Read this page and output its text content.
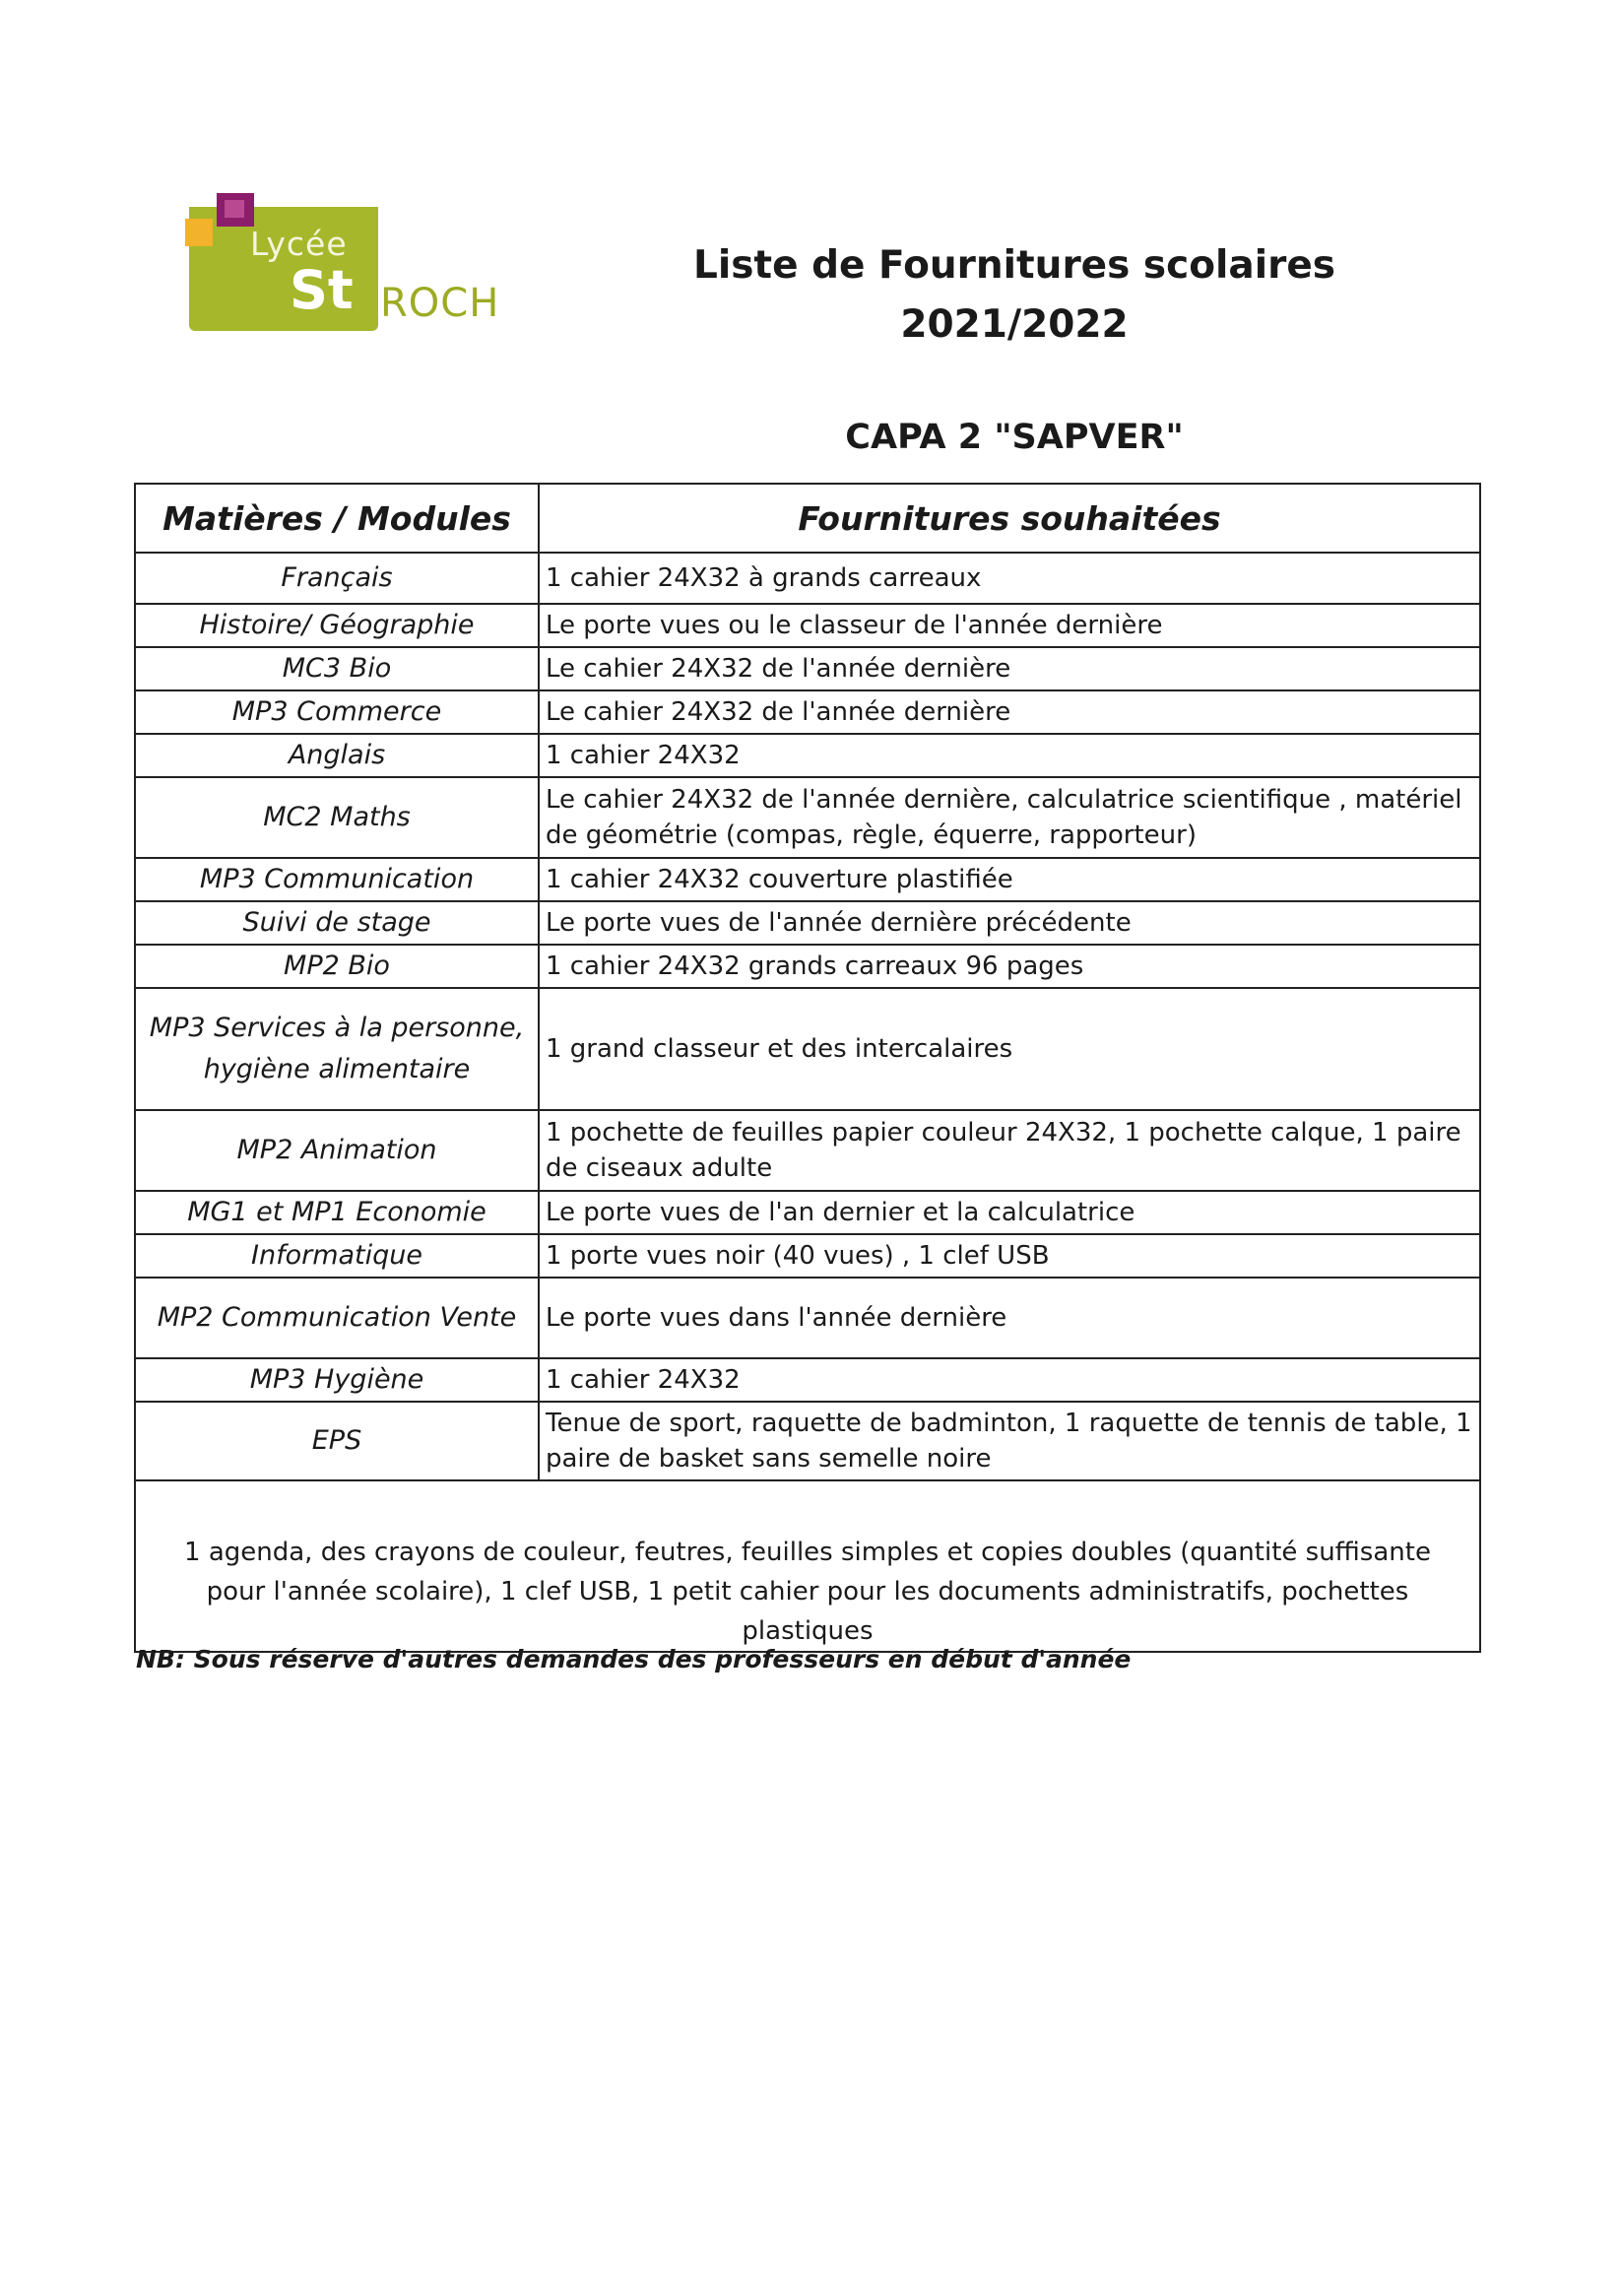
Lycée
St ROCH
Liste de Fournitures scolaires
2021/2022
CAPA 2 "SAPVER"
Matières / Modules	Fournitures souhaitées
Français	1 cahier 24X32 à grands carreaux
Histoire/ Géographie	Le porte vues ou le classeur de l'année dernière
MC3 Bio	Le cahier 24X32 de l'année dernière
MP3 Commerce	Le cahier 24X32 de l'année dernière
Anglais	1 cahier 24X32
MC2 Maths	Le cahier 24X32 de l'année dernière, calculatrice scientifique , matériel de géométrie (compas, règle, équerre, rapporteur)
MP3 Communication	1 cahier 24X32 couverture plastifiée
Suivi de stage	Le porte vues de l'année dernière précédente
MP2 Bio	1 cahier 24X32 grands carreaux 96 pages
MP3 Services à la personne, hygiène alimentaire	1 grand classeur et des intercalaires
MP2 Animation	1 pochette de feuilles papier couleur 24X32, 1 pochette calque, 1 paire de ciseaux adulte
MG1 et MP1 Economie	Le porte vues de l'an dernier et la calculatrice
Informatique	1 porte vues noir (40 vues) , 1 clef USB
MP2 Communication Vente	Le porte vues dans l'année dernière
MP3 Hygiène	1 cahier 24X32
EPS	Tenue de sport, raquette de badminton, 1 raquette de tennis de table, 1 paire de basket sans semelle noire
1 agenda, des crayons de couleur, feutres, feuilles simples et copies doubles (quantité suffisante pour l'année scolaire), 1 clef USB, 1 petit cahier pour les documents administratifs, pochettes plastiques	
NB: Sous réserve d'autres demandes des professeurs en début d'année
